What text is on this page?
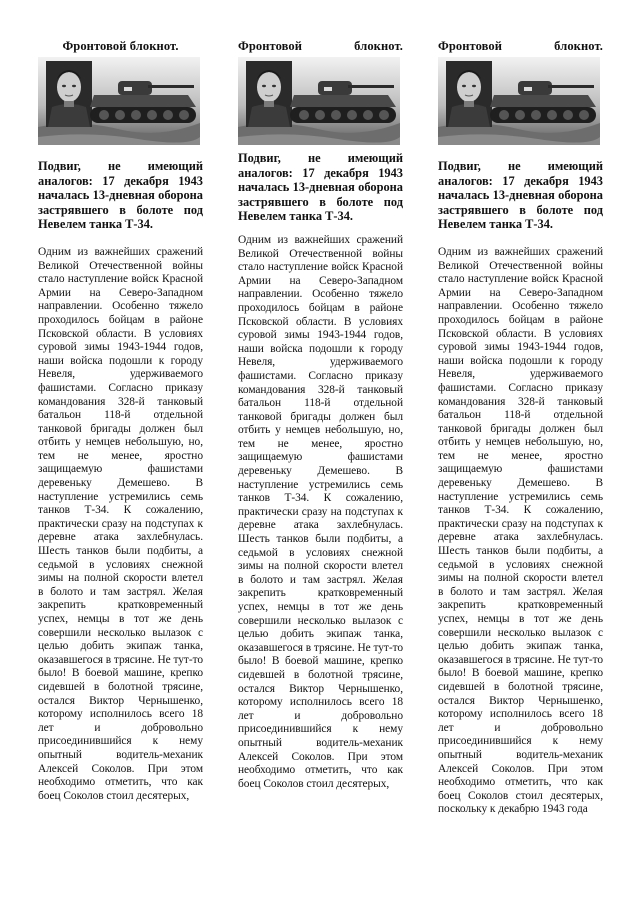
Фронтовой блокнот.
Подвиг, не имеющий аналогов: 17 декабря 1943 началась 13-дневная оборона застрявшего в болоте под Невелем танка Т-34.
Одним из важнейших сражений Великой Отечественной войны стало наступление войск Красной Армии на Северо-Западном направлении. Особенно тяжело проходилось бойцам в районе Псковской области. В условиях суровой зимы 1943-1944 годов, наши войска подошли к городу Невеля, удерживаемого фашистами. Согласно приказу командования 328-й танковый батальон 118-й отдельной танковой бригады должен был отбить у немцев небольшую, но, тем не менее, яростно защищаемую фашистами деревеньку Демешево. В наступление устремились семь танков Т-34. К сожалению, практически сразу на подступах к деревне атака захлебнулась. Шесть танков были подбиты, а седьмой в условиях снежной зимы на полной скорости влетел в болото и там застрял. Желая закрепить кратковременный успех, немцы в тот же день совершили несколько вылазок с целью добить экипаж танка, оказавшегося в трясине. Не тут-то было! В боевой машине, крепко сидевшей в болотной трясине, остался Виктор Чернышенко, которому исполнилось всего 18 лет и добровольно присоединившийся к нему опытный водитель-механик Алексей Соколов. При этом необходимо отметить, что как боец Соколов стоил десятерых,
Фронтовой блокнот.
Подвиг, не имеющий аналогов: 17 декабря 1943 началась 13-дневная оборона застрявшего в болоте под Невелем танка Т-34.
Одним из важнейших сражений Великой Отечественной войны стало наступление войск Красной Армии на Северо-Западном направлении. Особенно тяжело проходилось бойцам в районе Псковской области. В условиях суровой зимы 1943-1944 годов, наши войска подошли к городу Невеля, удерживаемого фашистами. Согласно приказу командования 328-й танковый батальон 118-й отдельной танковой бригады должен был отбить у немцев небольшую, но, тем не менее, яростно защищаемую фашистами деревеньку Демешево. В наступление устремились семь танков Т-34. К сожалению, практически сразу на подступах к деревне атака захлебнулась. Шесть танков были подбиты, а седьмой в условиях снежной зимы на полной скорости влетел в болото и там застрял. Желая закрепить кратковременный успех, немцы в тот же день совершили несколько вылазок с целью добить экипаж танка, оказавшегося в трясине. Не тут-то было! В боевой машине, крепко сидевшей в болотной трясине, остался Виктор Чернышенко, которому исполнилось всего 18 лет и добровольно присоединившийся к нему опытный водитель-механик Алексей Соколов. При этом необходимо отметить, что как боец Соколов стоил десятерых,
Фронтовой блокнот.
Подвиг, не имеющий аналогов: 17 декабря 1943 началась 13-дневная оборона застрявшего в болоте под Невелем танка Т-34.
Одним из важнейших сражений Великой Отечественной войны стало наступление войск Красной Армии на Северо-Западном направлении. Особенно тяжело проходилось бойцам в районе Псковской области. В условиях суровой зимы 1943-1944 годов, наши войска подошли к городу Невеля, удерживаемого фашистами. Согласно приказу командования 328-й танковый батальон 118-й отдельной танковой бригады должен был отбить у немцев небольшую, но, тем не менее, яростно защищаемую фашистами деревеньку Демешево. В наступление устремились семь танков Т-34. К сожалению, практически сразу на подступах к деревне атака захлебнулась. Шесть танков были подбиты, а седьмой в условиях снежной зимы на полной скорости влетел в болото и там застрял. Желая закрепить кратковременный успех, немцы в тот же день совершили несколько вылазок с целью добить экипаж танка, оказавшегося в трясине. Не тут-то было! В боевой машине, крепко сидевшей в болотной трясине, остался Виктор Чернышенко, которому исполнилось всего 18 лет и добровольно присоединившийся к нему опытный водитель-механик Алексей Соколов. При этом необходимо отметить, что как боец Соколов стоил десятерых, поскольку к декабрю 1943 года
